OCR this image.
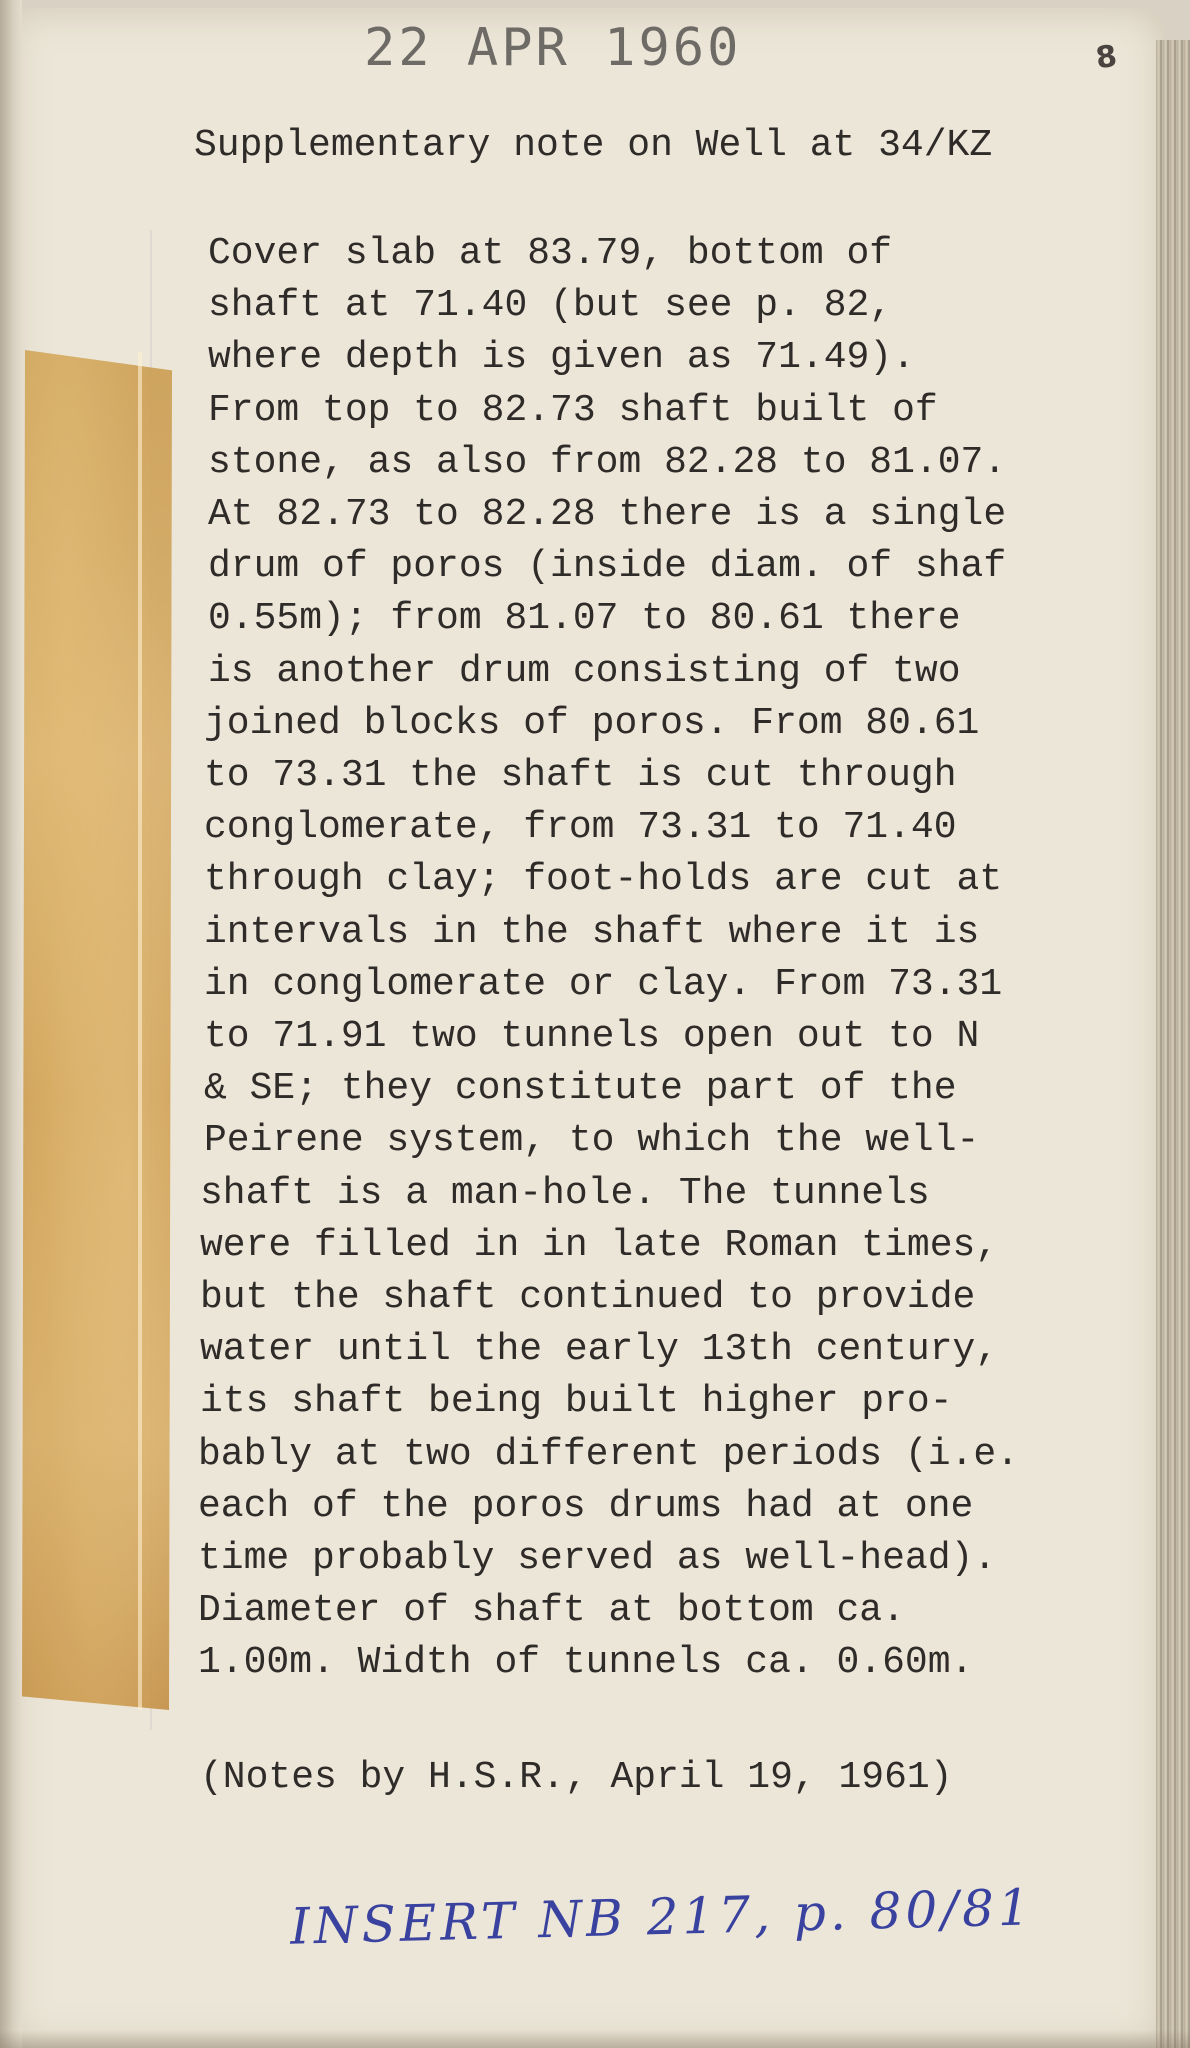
22 APR 1960	8
Supplementary note on Well at 34/KZ
Cover slab at 83.79, bottom of
shaft at 71.40 (but see p. 82,
where depth is given as 71.49).
From top to 82.73 shaft built of
stone, as also from 82.28 to 81.07.
At 82.73 to 82.28 there is a single
drum of poros (inside diam. of shaf
0.55m); from 81.07 to 80.61 there
is another drum consisting of two
joined blocks of poros. From 80.61
to 73.31 the shaft is cut through
conglomerate, from 73.31 to 71.40
through clay; foot-holds are cut at
intervals in the shaft where it is
in conglomerate or clay. From 73.31
to 71.91 two tunnels open out to N
& SE; they constitute part of the
Peirene system, to which the well-
shaft is a man-hole. The tunnels
were filled in in late Roman times,
but the shaft continued to provide
water until the early 13th century,
its shaft being built higher pro-
bably at two different periods (i.e.
each of the poros drums had at one
time probably served as well-head).
Diameter of shaft at bottom ca.
1.00m. Width of tunnels ca. 0.60m.
(Notes by H.S.R., April 19, 1961)
INSERT NB 217, p. 80/81
